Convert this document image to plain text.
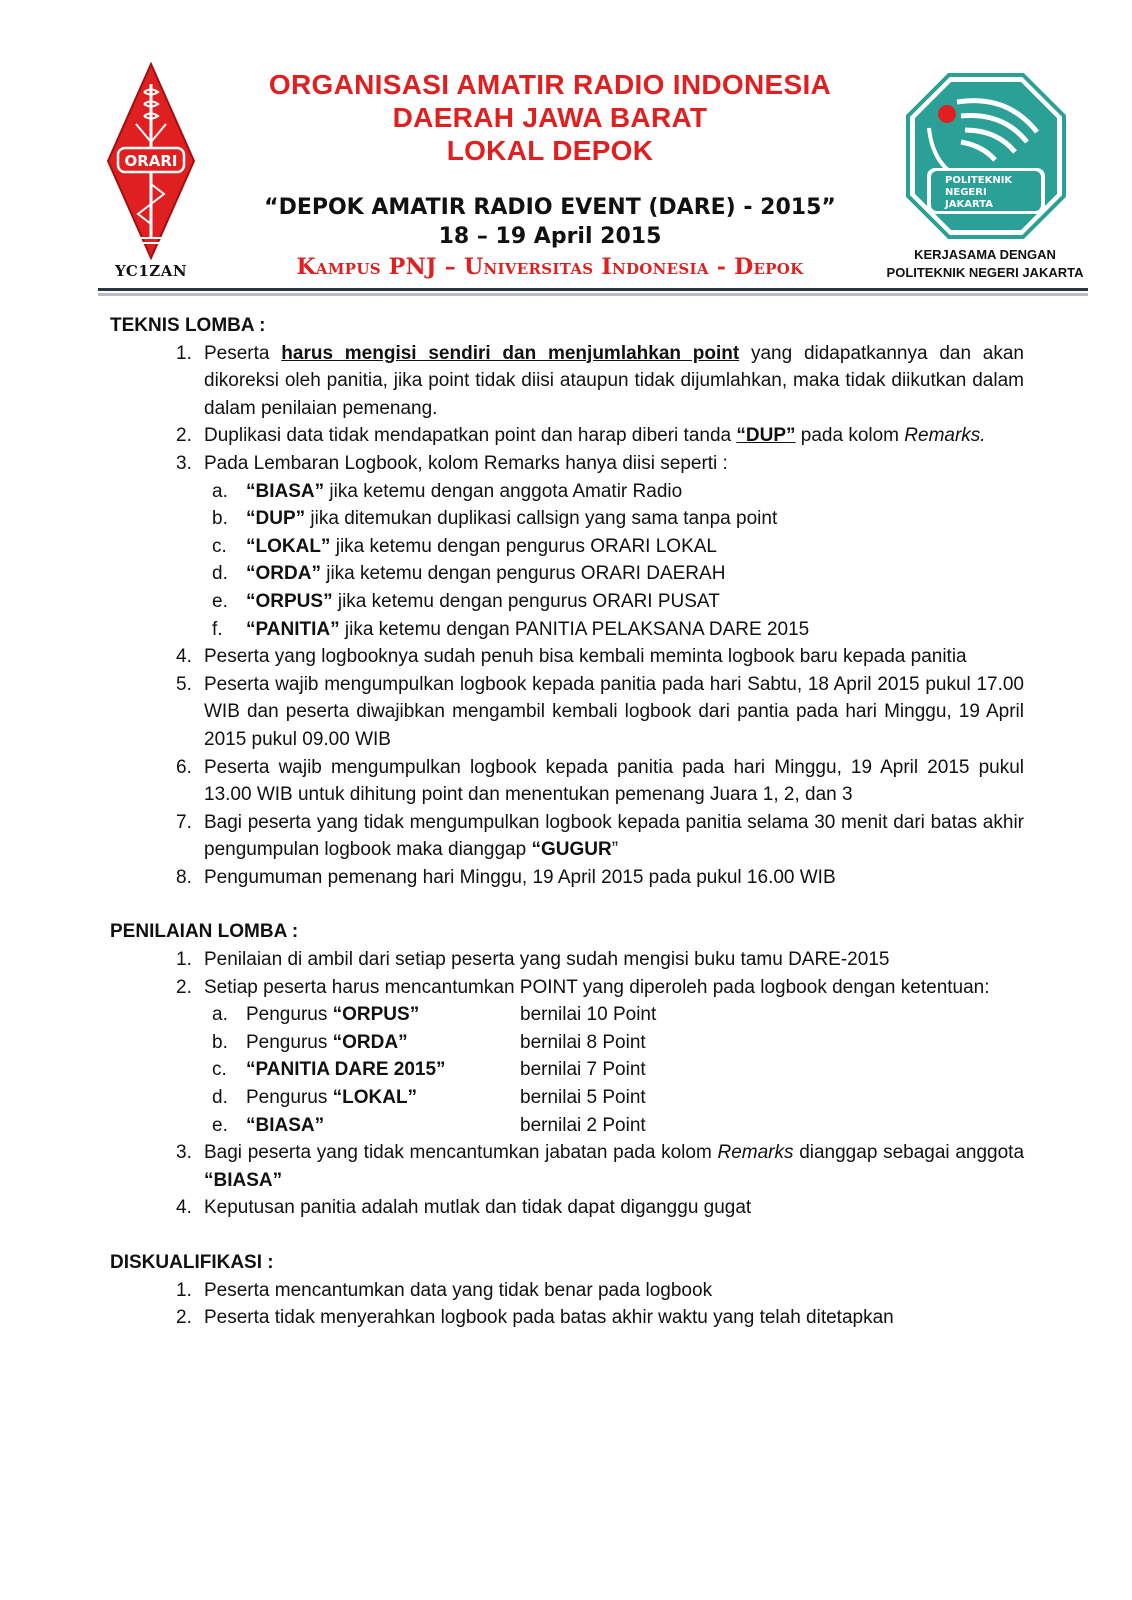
ORARI
YC1ZAN
ORGANISASI AMATIR RADIO INDONESIA
DAERAH JAWA BARAT
LOKAL DEPOK
“DEPOK AMATIR RADIO EVENT (DARE) - 2015”
18 – 19 April 2015
Kampus PNJ – Universitas Indonesia - Depok
POLITEKNIK
NEGERI
JAKARTA
KERJASAMA DENGAN
POLITEKNIK NEGERI JAKARTA
TEKNIS LOMBA :
1. Peserta harus mengisi sendiri dan menjumlahkan point yang didapatkannya dan akan dikoreksi oleh panitia, jika point tidak diisi ataupun tidak dijumlahkan, maka tidak diikutkan dalam dalam penilaian pemenang.
2. Duplikasi data tidak mendapatkan point dan harap diberi tanda “DUP” pada kolom Remarks.
3. Pada Lembaran Logbook, kolom Remarks hanya diisi seperti :
a. “BIASA” jika ketemu dengan anggota Amatir Radio
b. “DUP” jika ditemukan duplikasi callsign yang sama tanpa point
c. “LOKAL” jika ketemu dengan pengurus ORARI LOKAL
d. “ORDA” jika ketemu dengan pengurus ORARI DAERAH
e. “ORPUS” jika ketemu dengan pengurus ORARI PUSAT
f. “PANITIA” jika ketemu dengan PANITIA PELAKSANA DARE 2015
4. Peserta yang logbooknya sudah penuh bisa kembali meminta logbook baru kepada panitia
5. Peserta wajib mengumpulkan logbook kepada panitia pada hari Sabtu, 18 April 2015 pukul 17.00 WIB dan peserta diwajibkan mengambil kembali logbook dari pantia pada hari Minggu, 19 April 2015 pukul 09.00 WIB
6. Peserta wajib mengumpulkan logbook kepada panitia pada hari Minggu, 19 April 2015 pukul 13.00 WIB untuk dihitung point dan menentukan pemenang Juara 1, 2, dan 3
7. Bagi peserta yang tidak mengumpulkan logbook kepada panitia selama 30 menit dari batas akhir pengumpulan logbook maka dianggap “GUGUR”
8. Pengumuman pemenang hari Minggu, 19 April 2015 pada pukul 16.00 WIB
PENILAIAN LOMBA :
1. Penilaian di ambil dari setiap peserta yang sudah mengisi buku tamu DARE-2015
2. Setiap peserta harus mencantumkan POINT yang diperoleh pada logbook dengan ketentuan:
a. Pengurus “ORPUS”	bernilai 10 Point
b. Pengurus “ORDA”	bernilai 8 Point
c. “PANITIA DARE 2015”	bernilai 7 Point
d. Pengurus “LOKAL”	bernilai 5 Point
e. “BIASA”	bernilai 2 Point
3. Bagi peserta yang tidak mencantumkan jabatan pada kolom Remarks dianggap sebagai anggota “BIASA”
4. Keputusan panitia adalah mutlak dan tidak dapat diganggu gugat
DISKUALIFIKASI :
1. Peserta mencantumkan data yang tidak benar pada logbook
2. Peserta tidak menyerahkan logbook pada batas akhir waktu yang telah ditetapkan
